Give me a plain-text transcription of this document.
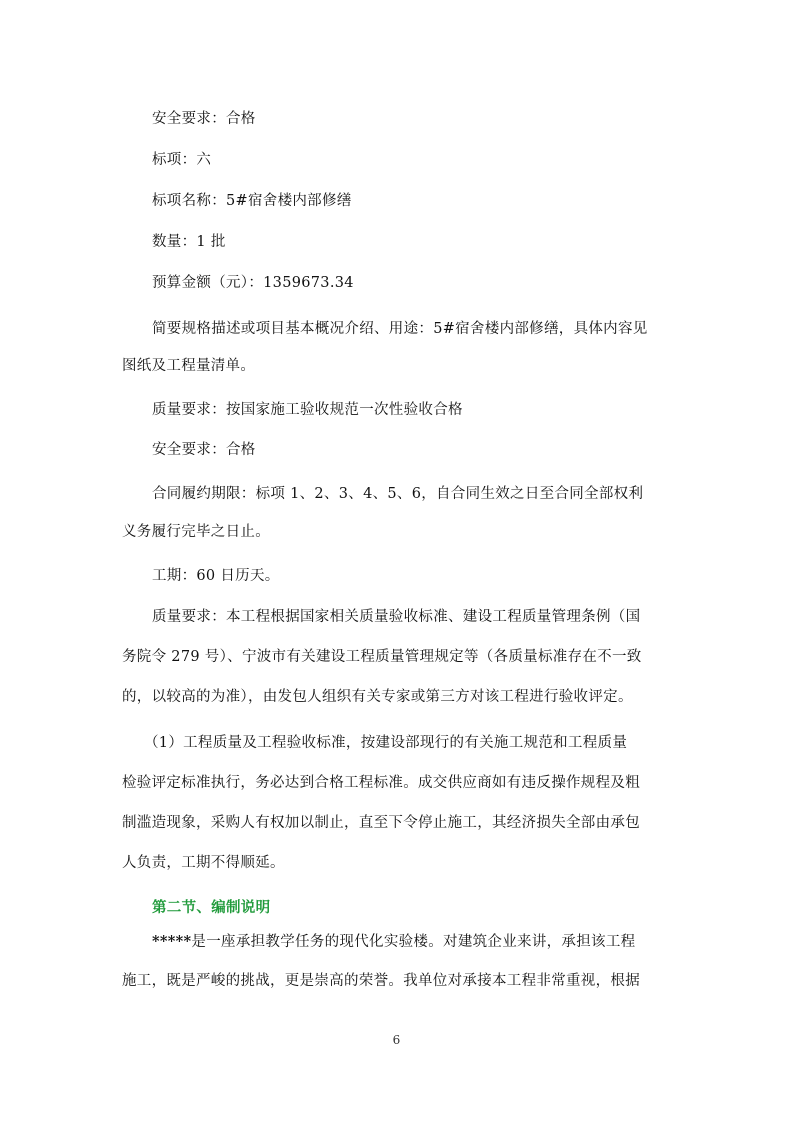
安全要求：合格
标项：六
标项名称：5#宿舍楼内部修缮
数量：1 批
预算金额（元）：1359673.34
简要规格描述或项目基本概况介绍、用途：5#宿舍楼内部修缮，具体内容见
图纸及工程量清单。
质量要求：按国家施工验收规范一次性验收合格
安全要求：合格
合同履约期限：标项 1、2、3、4、5、6，自合同生效之日至合同全部权利
义务履行完毕之日止。
工期：60 日历天。
质量要求：本工程根据国家相关质量验收标准、建设工程质量管理条例（国
务院令 279 号）、宁波市有关建设工程质量管理规定等（各质量标准存在不一致
的，以较高的为准），由发包人组织有关专家或第三方对该工程进行验收评定。
（1）工程质量及工程验收标准，按建设部现行的有关施工规范和工程质量
检验评定标准执行，务必达到合格工程标准。成交供应商如有违反操作规程及粗
制滥造现象，采购人有权加以制止，直至下令停止施工，其经济损失全部由承包
人负责，工期不得顺延。
第二节、编制说明
*****是一座承担教学任务的现代化实验楼。对建筑企业来讲，承担该工程
施工，既是严峻的挑战，更是崇高的荣誉。我单位对承接本工程非常重视，根据
6
